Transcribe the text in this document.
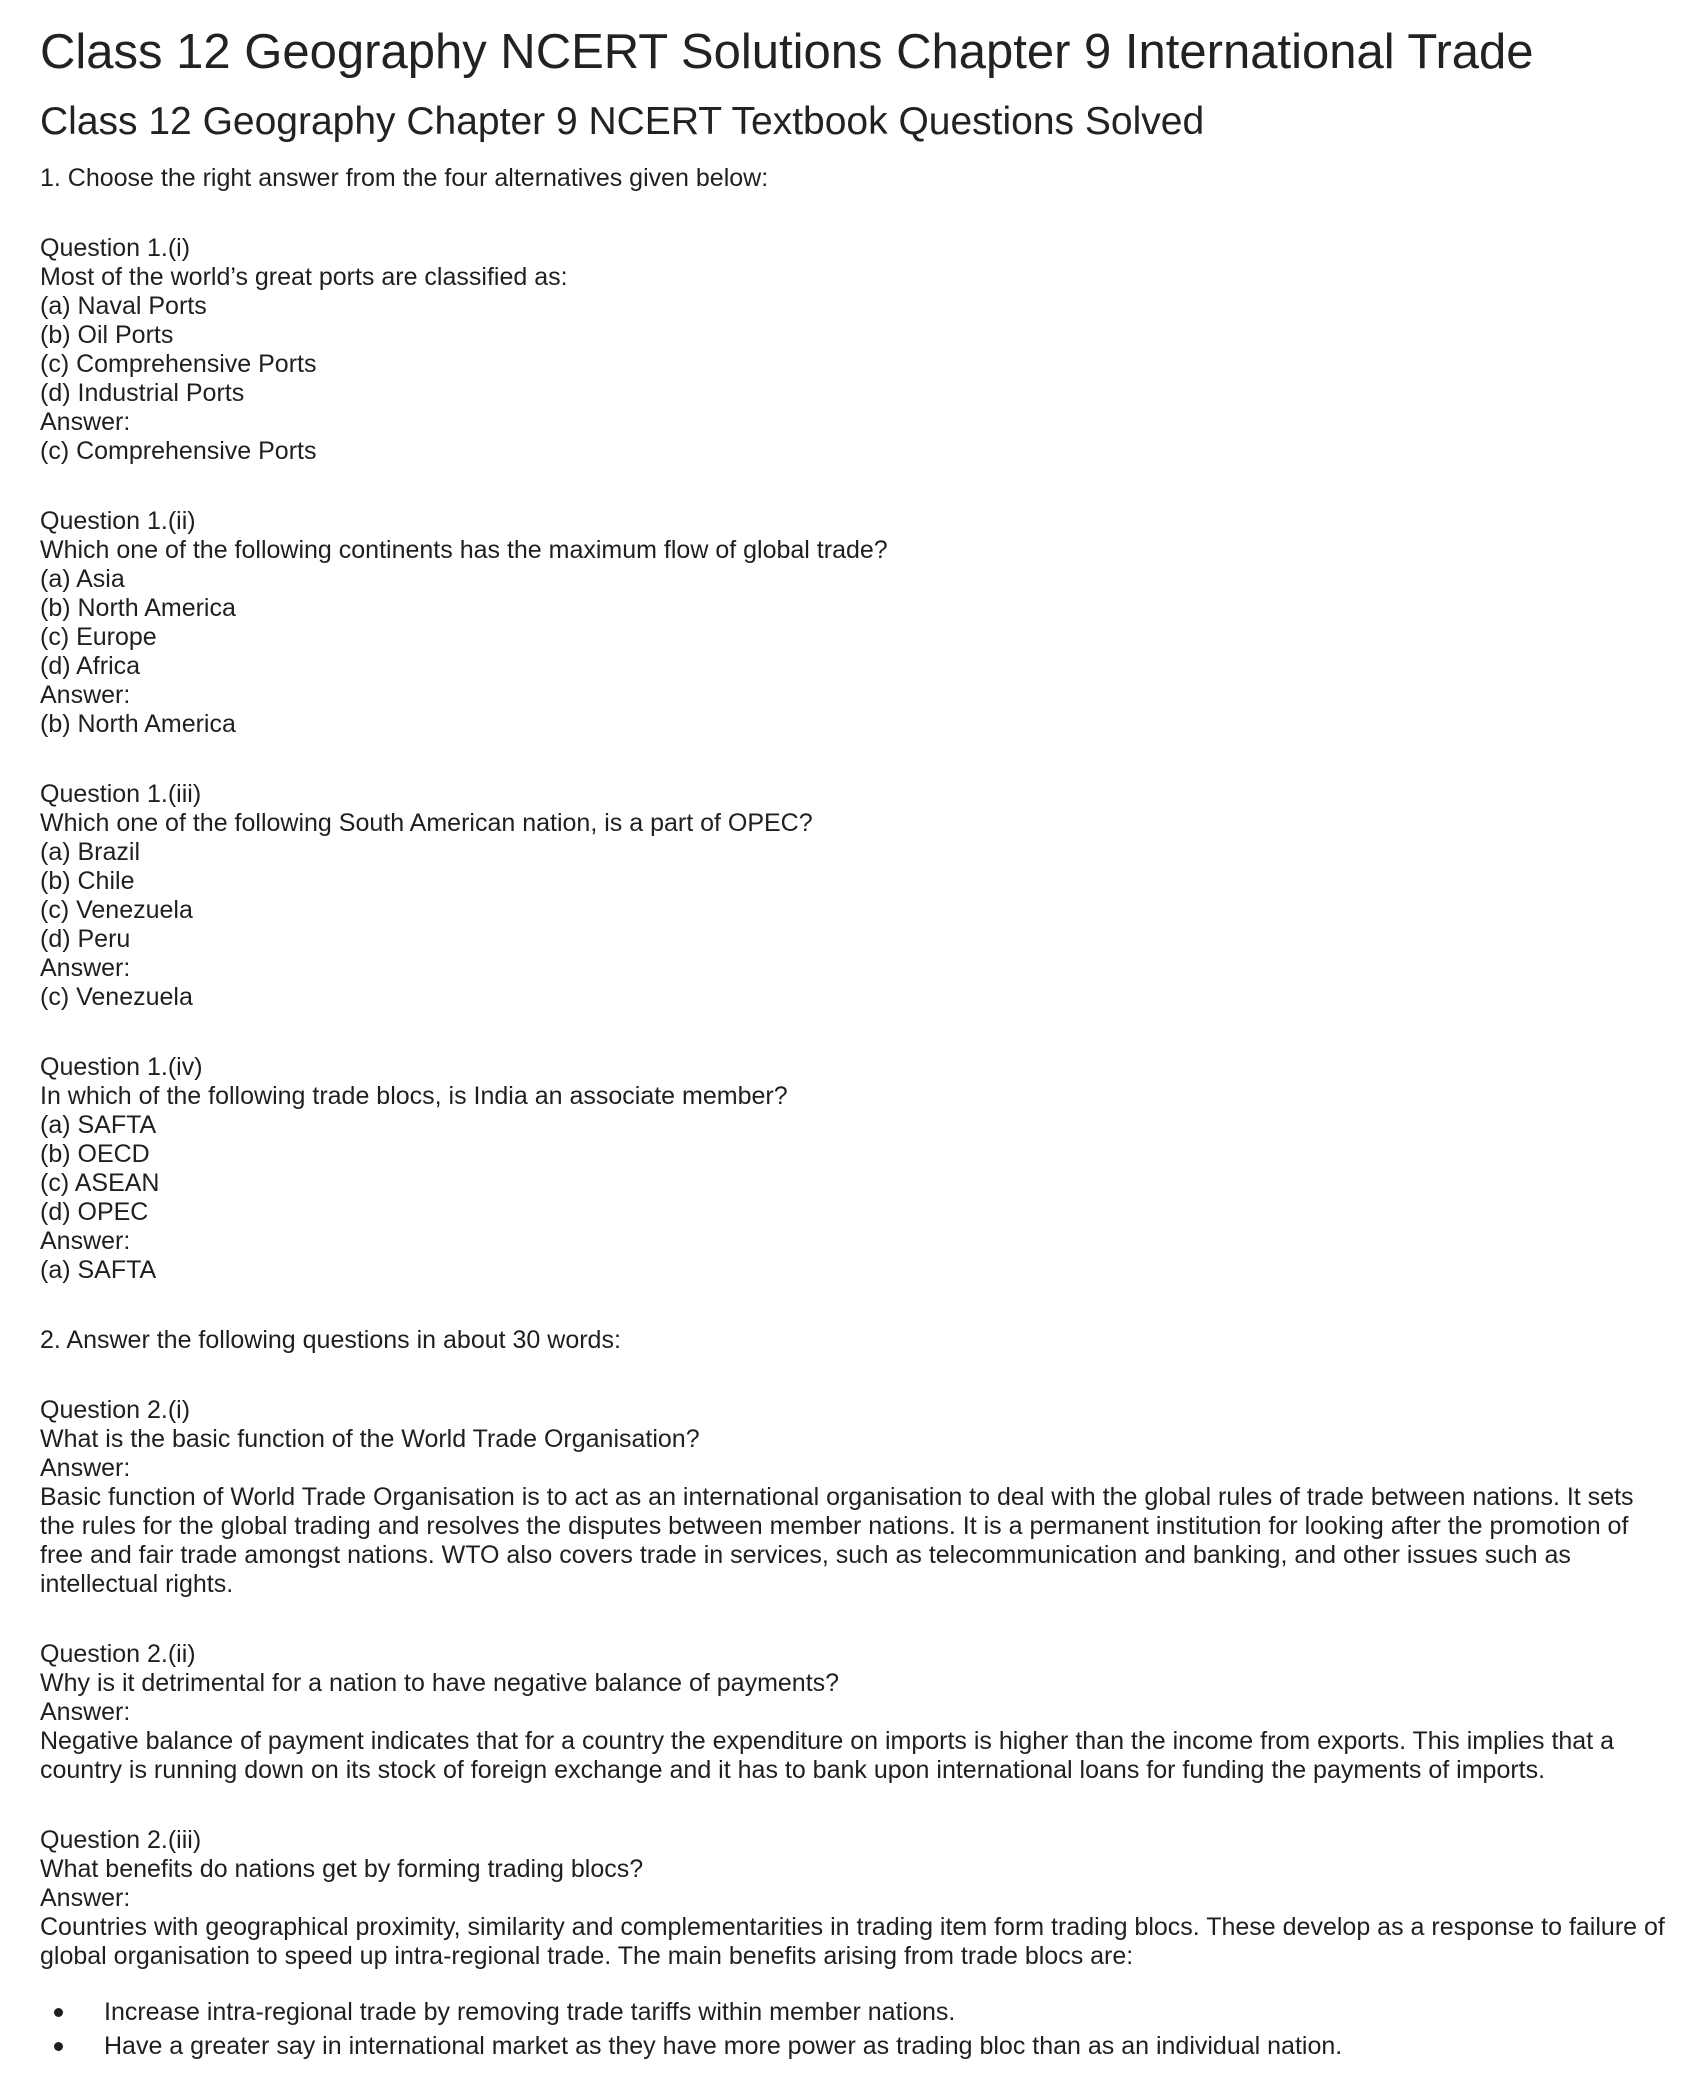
Class 12 Geography NCERT Solutions Chapter 9 International Trade
Class 12 Geography Chapter 9 NCERT Textbook Questions Solved

1. Choose the right answer from the four alternatives given below:

Question 1.(i)

Most of the world’s great ports are classified as:

(a) Naval Ports

(b) Oil Ports

(c) Comprehensive Ports

(d) Industrial Ports

Answer:

(c) Comprehensive Ports

Question 1.(ii)

Which one of the following continents has the maximum flow of global trade?

(a) Asia

(b) North America

(c) Europe

(d) Africa

Answer:

(b) North America

Question 1.(iii)

Which one of the following South American nation, is a part of OPEC?

(a) Brazil

(b) Chile

(c) Venezuela

(d) Peru

Answer:

(c) Venezuela

Question 1.(iv)

In which of the following trade blocs, is India an associate member?

(a) SAFTA

(b) OECD

(c) ASEAN

(d) OPEC

Answer:

(a) SAFTA

2. Answer the following questions in about 30 words:

Question 2.(i)

What is the basic function of the World Trade Organisation?

Answer:

Basic function of World Trade Organisation is to act as an international organisation to deal with the global rules of trade between nations. It sets the rules for the global trading and resolves the disputes between member nations. It is a permanent institution for looking after the promotion of free and fair trade amongst nations. WTO also covers trade in services, such as telecommunication and banking, and other issues such as intellectual rights.

Question 2.(ii)

Why is it detrimental for a nation to have negative balance of payments?

Answer:

Negative balance of payment indicates that for a country the expenditure on imports is higher than the income from exports. This implies that a country is running down on its stock of foreign exchange and it has to bank upon international loans for funding the payments of imports.

Question 2.(iii)

What benefits do nations get by forming trading blocs?

Answer:

Countries with geographical proximity, similarity and complementarities in trading item form trading blocs. These develop as a response to failure of global organisation to speed up intra-regional trade. The main benefits arising from trade blocs are:

Increase intra-regional trade by removing trade tariffs within member nations.
Have a greater say in international market as they have more power as trading bloc than as an individual nation.
